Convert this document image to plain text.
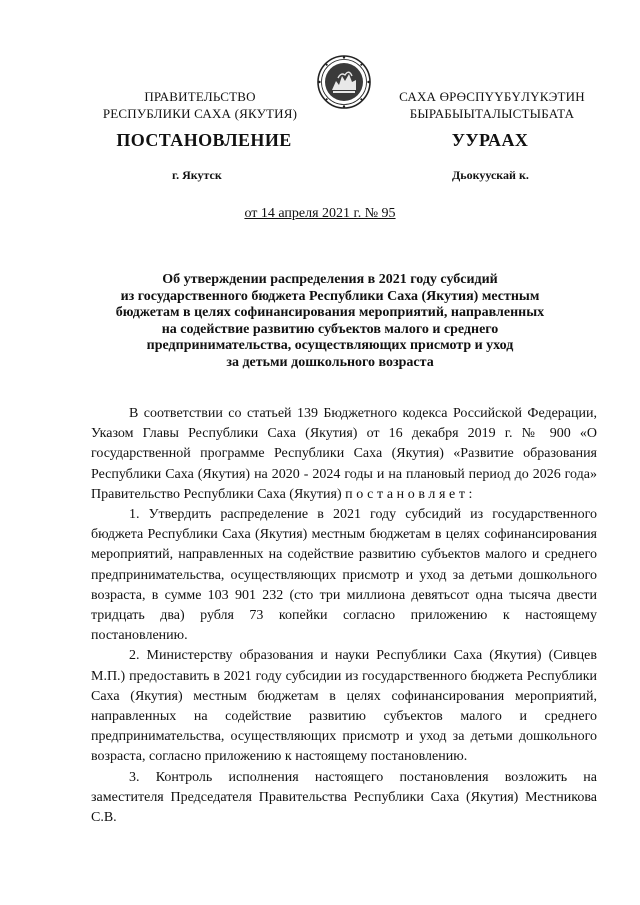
ПРАВИТЕЛЬСТВО
РЕСПУБЛИКИ САХА (ЯКУТИЯ)
САХА ӨРӨСПҮҮБҮЛҮКЭТИН
БЫРАБЫЫТАЛЫСТЫБАТА
ПОСТАНОВЛЕНИЕ	УУРААХ
г. Якутск	Дьокуускай к.
от 14 апреля 2021 г. № 95
Об утверждении распределения в 2021 году субсидий
из государственного бюджета Республики Саха (Якутия) местным
бюджетам в целях софинансирования мероприятий, направленных
на содействие развитию субъектов малого и среднего
предпринимательства, осуществляющих присмотр и уход
за детьми дошкольного возраста

В соответствии со статьей 139 Бюджетного кодекса Российской Федерации, Указом Главы Республики Саха (Якутия) от 16 декабря 2019 г. № 900 «О государственной программе Республики Саха (Якутия) «Развитие образования Республики Саха (Якутия) на 2020 - 2024 годы и на плановый период до 2026 года» Правительство Республики Саха (Якутия) постановляет:

1. Утвердить распределение в 2021 году субсидий из государственного бюджета Республики Саха (Якутия) местным бюджетам в целях софинансирования мероприятий, направленных на содействие развитию субъектов малого и среднего предпринимательства, осуществляющих присмотр и уход за детьми дошкольного возраста, в сумме 103 901 232 (сто три миллиона девятьсот одна тысяча двести тридцать два) рубля 73 копейки согласно приложению к настоящему постановлению.

2. Министерству образования и науки Республики Саха (Якутия) (Сивцев М.П.) предоставить в 2021 году субсидии из государственного бюджета Республики Саха (Якутия) местным бюджетам в целях софинансирования мероприятий, направленных на содействие развитию субъектов малого и среднего предпринимательства, осуществляющих присмотр и уход за детьми дошкольного возраста, согласно приложению к настоящему постановлению.

3. Контроль исполнения настоящего постановления возложить на заместителя Председателя Правительства Республики Саха (Якутия) Местникова С.В.
